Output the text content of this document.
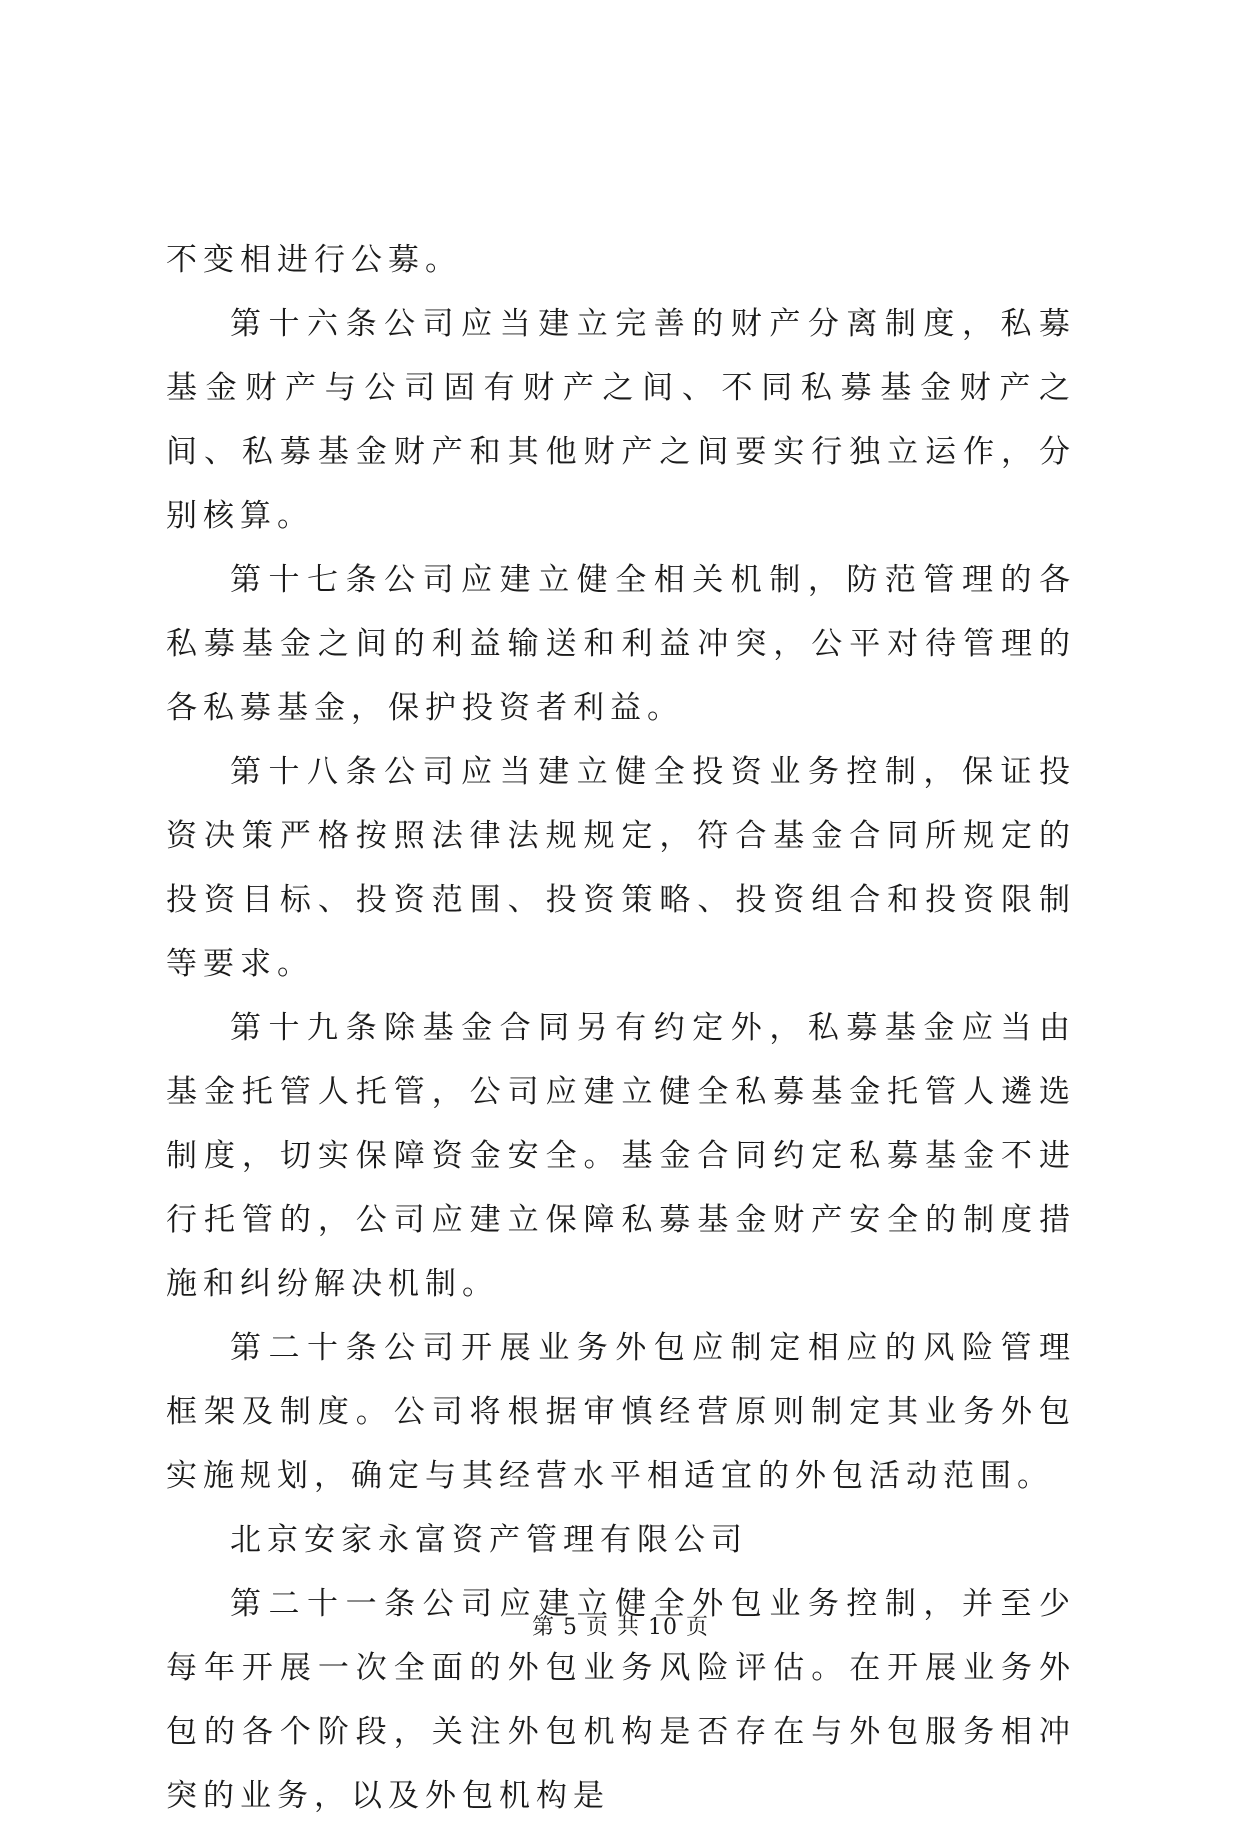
不变相进行公募。

第十六条公司应当建立完善的财产分离制度，私募基金财产与公司固有财产之间、不同私募基金财产之间、私募基金财产和其他财产之间要实行独立运作，分别核算。

第十七条公司应建立健全相关机制，防范管理的各私募基金之间的利益输送和利益冲突，公平对待管理的各私募基金，保护投资者利益。

第十八条公司应当建立健全投资业务控制，保证投资决策严格按照法律法规规定，符合基金合同所规定的投资目标、投资范围、投资策略、投资组合和投资限制等要求。

第十九条除基金合同另有约定外，私募基金应当由基金托管人托管，公司应建立健全私募基金托管人遴选制度，切实保障资金安全。基金合同约定私募基金不进行托管的，公司应建立保障私募基金财产安全的制度措施和纠纷解决机制。

第二十条公司开展业务外包应制定相应的风险管理框架及制度。公司将根据审慎经营原则制定其业务外包实施规划，确定与其经营水平相适宜的外包活动范围。

北京安家永富资产管理有限公司

第二十一条公司应建立健全外包业务控制，并至少每年开展一次全面的外包业务风险评估。在开展业务外包的各个阶段，关注外包机构是否存在与外包服务相冲突的业务，以及外包机构是

第 5 页 共 10 页
